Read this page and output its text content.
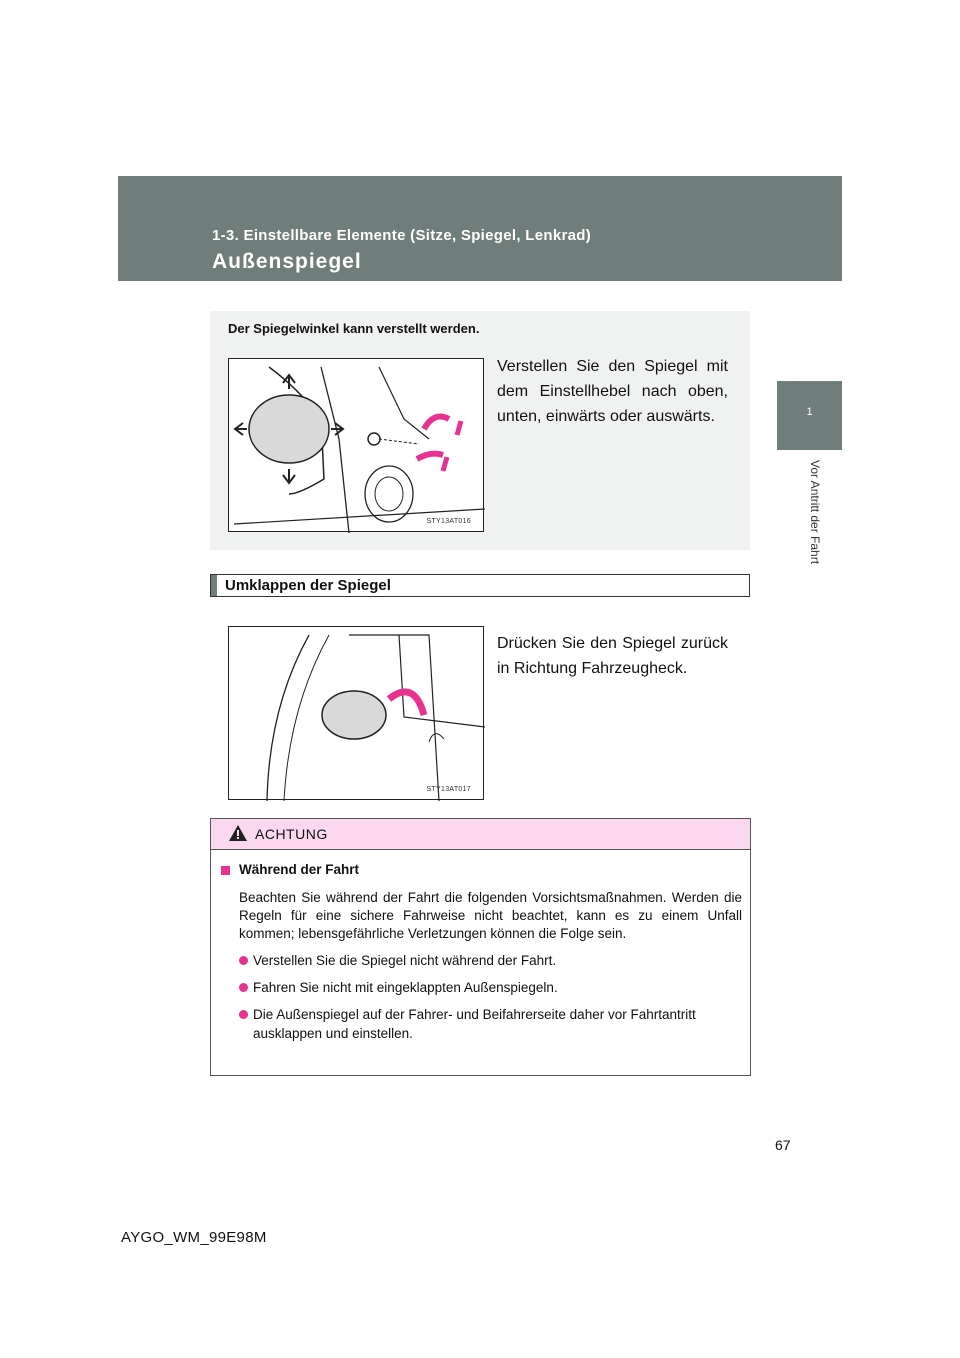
1-3. Einstellbare Elemente (Sitze, Spiegel, Lenkrad)
Außenspiegel
1
Vor Antritt der Fahrt
Der Spiegelwinkel kann verstellt werden.
STY13AT016
Verstellen Sie den Spiegel mit dem Einstellhebel nach oben, unten, einwärts oder auswärts.
Umklappen der Spiegel
STY13AT017
Drücken Sie den Spiegel zurück in Richtung Fahrzeugheck.
ACHTUNG
Während der Fahrt
Beachten Sie während der Fahrt die folgenden Vorsichtsmaßnahmen. Werden die Regeln für eine sichere Fahrweise nicht beachtet, kann es zu einem Unfall kommen; lebensgefährliche Verletzungen können die Folge sein.
Verstellen Sie die Spiegel nicht während der Fahrt.
Fahren Sie nicht mit eingeklappten Außenspiegeln.
Die Außenspiegel auf der Fahrer- und Beifahrerseite daher vor Fahrtantritt ausklappen und einstellen.
67
AYGO_WM_99E98M
